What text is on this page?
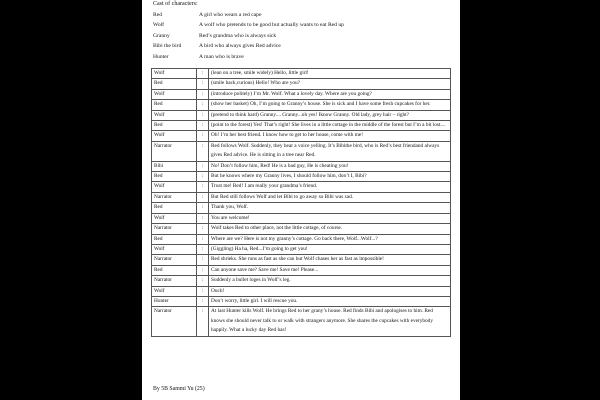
Cast of characters:
Red	A girl who wears a red cape
Wolf	A wolf who pretends to be good but actually wants to eat Red up
Granny	Red’s grandma who is always sick
Bibi the bird	A bird who always gives Red advice
Hunter	A man who is brave
Wolf	:	(lean on a tree, smile widely) Hello, little girl!
Red	:	(smile back,curious) Hello! Who are you?
Wolf	:	(introduce politely) I’m Mr. Wolf. What a lovely day. Where are you going?
Red	:	(show her basket) Oh, I’m going to Granny’s house. She is sick and I have some fresh cupcakes for her.
Wolf	:	(pretend to think hard) Granny.... Granny...oh yes! Iknow Granny. Old lady, grey hair – right?
Red	:	(point to the forest) Yes! That’s right! She lives in a little cottage in the middle of the forest but I’m a bit lost....
Wolf	:	Oh! I’m her best friend. I know how to get to her house, come with me!
Narrator	:	Red follows Wolf. Suddenly, they hear a voice yelling. It’s Bibithe bird, who is Red’s best friendand always gives Red advice. He is sitting in a tree near Red.
Bibi	:	No! Don’t follow him, Red! He is a bad guy, He is cheating you!
Red	:	But he knows where my Granny lives, I should follow him, don’t I, Bibi?
Wolf	:	Trust me! Red! I am really your grandma’s friend.
Narrator	:	But Red still follows Wolf and let Bibi to go away so Bibi was sad.
Red	:	Thank you, Wolf.
Wolf	:	You are welcome!
Narrator	:	Wolf takes Red to other place, not the little cottage, of course.
Red	:	Where are we? Here is not my granny’s cottage. Go back there, Wolf...Wolf...?
Wolf	:	(Giggling) Ha ha, Red...I’m going to get you!
Narrator	:	Red shrieks. She runs as fast as she can but Wolf chases her as fast as impossible!
Red	:	Can anyone save me? Save me! Save me! Please...
Narrator	:	Suddenly a bullet loges in Wolf’s leg.
Wolf	:	Ouch!
Hunter	:	Don’t worry, little girl. I will rescue you.
Narrator	:	At last Hunter kills Wolf. He brings Red to her grany’s house. Red finds Bibi and apologises to him. Red knows she should never talk to or walk with strangers anymore. She shares the cupcakes with everybody happily. What a lucky day Red has!
By 5B Sammi Yu (25)
